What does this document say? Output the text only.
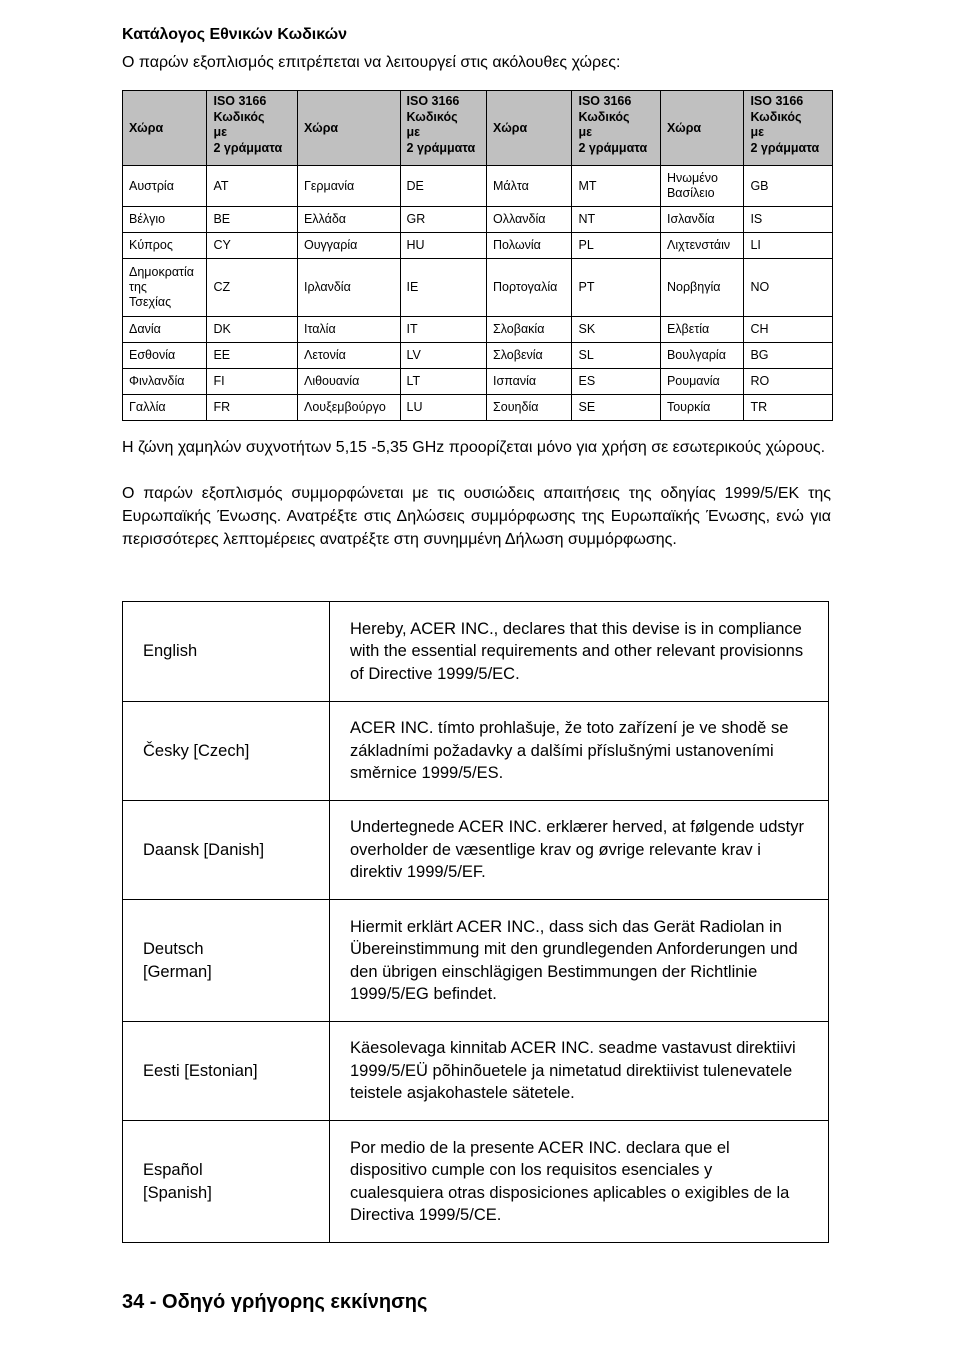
Κατάλογος Εθνικών Κωδικών

Ο παρών εξοπλισμός επιτρέπεται να λειτουργεί στις ακόλουθες χώρες:

Χώρα	ISO 3166
Κωδικός
με
2 γράμματα	Χώρα	ISO 3166
Κωδικός
με
2 γράμματα	Χώρα	ISO 3166
Κωδικός
με
2 γράμματα	Χώρα	ISO 3166
Κωδικός
με
2 γράμματα
Αυστρία	AT	Γερμανία	DE	Μάλτα	MT	Ηνωμένο
Βασίλειο	GB
Βέλγιο	BE	Ελλάδα	GR	Ολλανδία	NT	Ισλανδία	IS
Κύπρος	CY	Ουγγαρία	HU	Πολωνία	PL	Λιχτενστάιν	LI
Δημοκρατία
της
Τσεχίας	CZ	Ιρλανδία	IE	Πορτογαλία	PT	Νορβηγία	NO
Δανία	DK	Ιταλία	IT	Σλοβακία	SK	Ελβετία	CH
Εσθονία	EE	Λετονία	LV	Σλοβενία	SL	Βουλγαρία	BG
Φινλανδία	FI	Λιθουανία	LT	Ισπανία	ES	Ρουμανία	RO
Γαλλία	FR	Λουξεμβούργο	LU	Σουηδία	SE	Τουρκία	TR

Η ζώνη χαμηλών συχνοτήτων 5,15 -5,35 GHz προορίζεται μόνο για χρήση σε εσωτερικούς χώρους.

Ο παρών εξοπλισμός συμμορφώνεται με τις ουσιώδεις απαιτήσεις της οδηγίας 1999/5/ΕΚ της Ευρωπαϊκής Ένωσης. Ανατρέξτε στις Δηλώσεις συμμόρφωσης της Ευρωπαϊκής Ένωσης, ενώ για περισσότερες λεπτομέρειες ανατρέξτε στη συνημμένη Δήλωση συμμόρφωσης.

English	Hereby, ACER INC., declares that this devise is in compliance with the essential requirements and other relevant provisionns of Directive 1999/5/EC.
Česky [Czech]	ACER INC. tímto prohlašuje, že toto zařízení je ve shodě se základními požadavky a dalšími příslušnými ustanoveními směrnice 1999/5/ES.
Daansk [Danish]	Undertegnede ACER INC. erklærer herved, at følgende udstyr overholder de væsentlige krav og øvrige relevante krav i direktiv 1999/5/EF.
Deutsch
[German]	Hiermit erklärt ACER INC., dass sich das Gerät Radiolan in Übereinstimmung mit den grundlegenden Anforderungen und den übrigen einschlägigen Bestimmungen der Richtlinie 1999/5/EG befindet.
Eesti [Estonian]	Käesolevaga kinnitab ACER INC. seadme vastavust direktiivi 1999/5/EÜ põhinõuetele ja nimetatud direktiivist tulenevatele teistele asjakohastele sätetele.
Español
[Spanish]	Por medio de la presente ACER INC. declara que el dispositivo cumple con los requisitos esenciales y cualesquiera otras disposiciones aplicables o exigibles de la Directiva 1999/5/CE.

34 - Οδηγό γρήγορης εκκίνησης
